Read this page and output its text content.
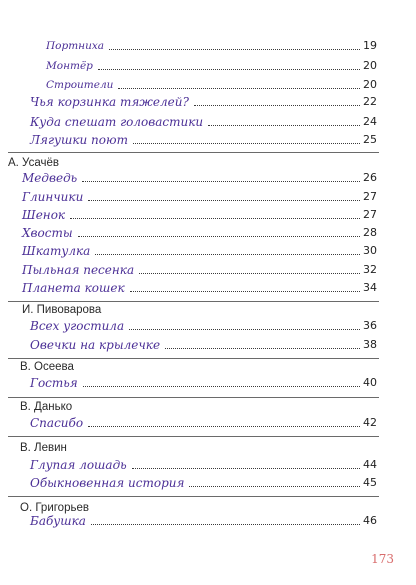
Портниха	19
Монтёр	20
Строители	20
Чья корзинка тяжелей?	22
Куда спешат головастики	24
Лягушки поют	25
А. Усачёв
Медведь	26
Глинчики	27
Шенок	27
Хвосты	28
Шкатулка	30
Пыльная песенка	32
Планета кошек	34
И. Пивоварова
Всех угостила	36
Овечки на крылечке	38
В. Осеева
Гостья	40
В. Данько
Спасибо	42
В. Левин
Глупая лошадь	44
Обыкновенная история	45
О. Григорьев
Бабушка	46
173
